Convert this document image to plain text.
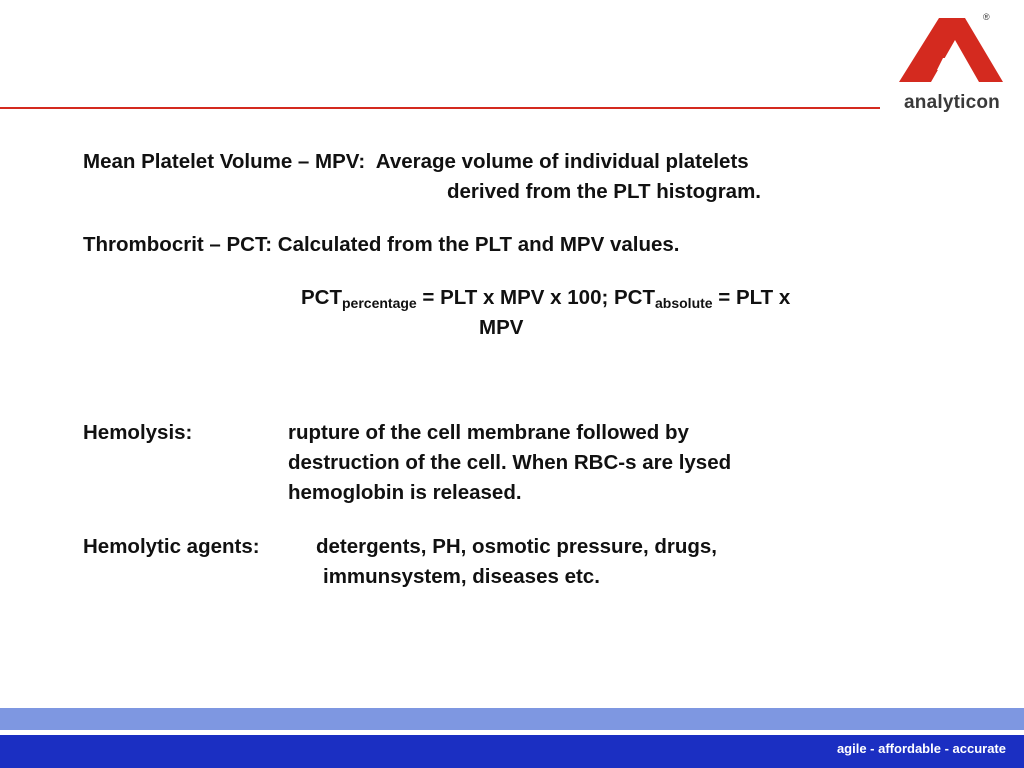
®
analyticon
Mean Platelet Volume – MPV: Average volume of individual platelets
derived from the PLT histogram.
Thrombocrit – PCT: Calculated from the PLT and MPV values.
$PCT_{percentage}$ = PLT x MPV x 100; $PCT_{absolute}$ = PLT x
MPV
Hemolysis:	rupture of the cell membrane followed by
destruction of the cell. When RBC-s are lysed
hemoglobin is released.
Hemolytic agents:	detergents, PH, osmotic pressure, drugs,
immunsystem, diseases etc.
agile - affordable - accurate
